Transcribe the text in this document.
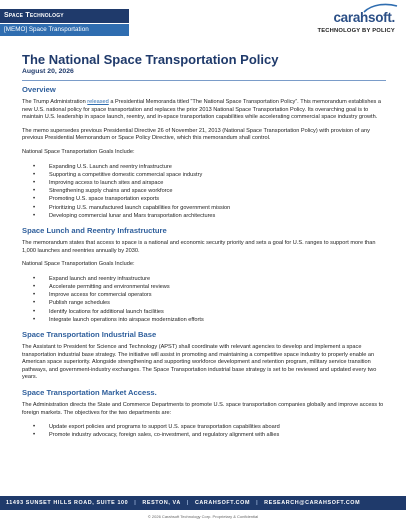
Space Technology
[MEMO] Space Transportation
carahsoft.
TECHNOLOGY BY POLICY
The National Space Transportation Policy
August 20, 2026
Overview
The Trump Administration released a Presidential Memoranda titled “The National Space Transportation Policy”. This memorandum establishes a new U.S. national policy for space transportation and replaces the prior 2013 National Space Transportation Policy. Its overarching goal is to maintain U.S. leadership in space launch, reentry, and in-space transportation capabilities while accelerating commercial space industry growth.
The memo supersedes previous Presidential Directive 26 of November 21, 2013 (National Space Transportation Policy) with provision of any previous Presidential Memorandum or Space Policy Directive, which this memorandum shall control.
National Space Transportation Goals Include:
• Expanding U.S. Launch and reentry infrastructure
• Supporting a competitive domestic commercial space industry
• Improving access to launch sites and airspace
• Strengthening supply chains and space workforce
• Promoting U.S. space transportation exports
• Prioritizing U.S. manufactured launch capabilities for government mission
• Developing commercial lunar and Mars transportation architectures
Space Lunch and Reentry Infrastructure
The memorandum states that access to space is a national and economic security priority and sets a goal for U.S. ranges to support more than 1,000 launches and reentries annually by 2030.
National Space Transportation Goals Include:
• Expand launch and reentry infrastructure
• Accelerate permitting and environmental reviews
• Improve access for commercial operators
• Publish range schedules
• Identify locations for additional launch facilities
• Integrate launch operations into airspace modernization efforts
Space Transportation Industrial Base
The Assistant to President for Science and Technology (APST) shall coordinate with relevant agencies to develop and implement a space transportation industrial base strategy. The initiative will assist in promoting and maintaining a competitive space industry to properly enable an American space superiority. Alongside strengthening and supporting workforce development and retention program, military service transition pathways, and government-industry exchanges. The Space Transportation industrial base strategy is set to be reviewed and updated every two years.
Space Transportation Market Access.
The Administration directs the State and Commerce Departments to promote U.S. space transportation companies globally and improve access to foreign markets. The objectives for the two departments are:
• Update export policies and programs to support U.S. space transportation capabilities aboard
• Promote industry advocacy, foreign sales, co-investment, and regulatory alignment with allies
11493 SUNSET HILLS ROAD, SUITE 100 | RESTON, VA | CARAHSOFT.COM | RESEARCH@CARAHSOFT.COM
© 2026 Carahsoft Technology Corp. Proprietary & Confidential
